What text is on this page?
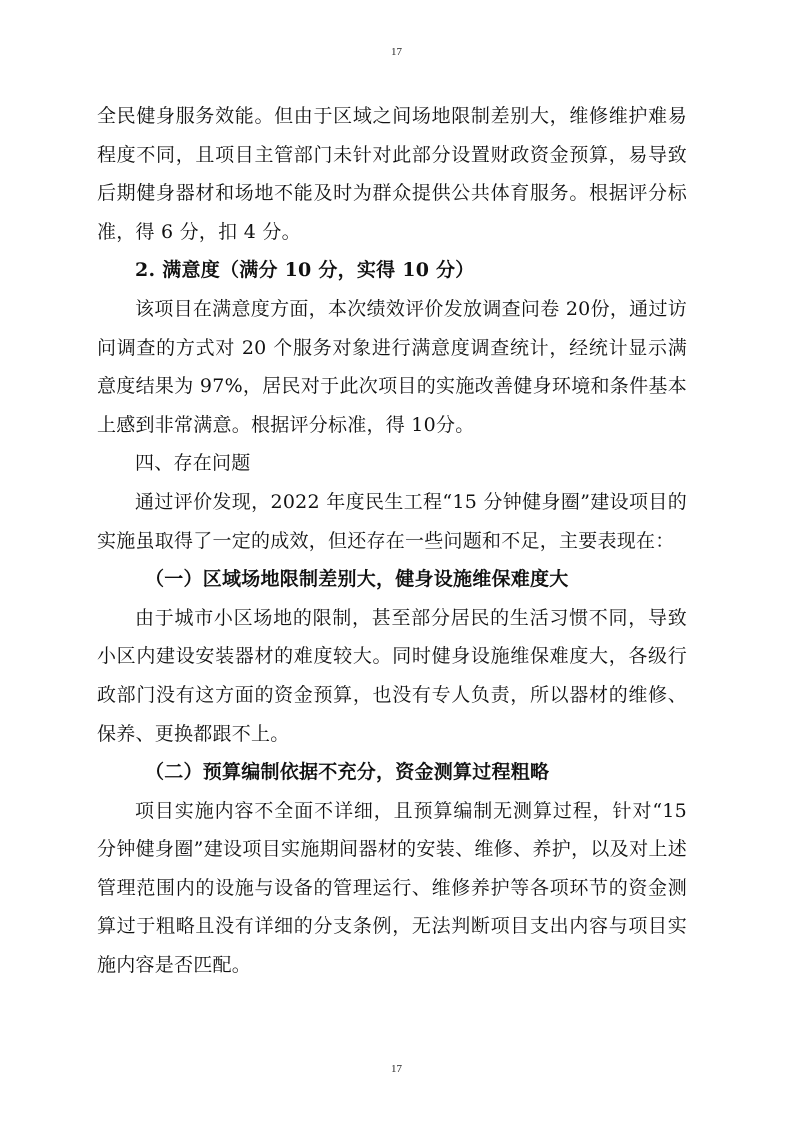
17

全民健身服务效能。但由于区域之间场地限制差别大，维修维护难易程度不同，且项目主管部门未针对此部分设置财政资金预算，易导致后期健身器材和场地不能及时为群众提供公共体育服务。根据评分标准，得 6 分，扣 4 分。

2. 满意度（满分 10 分，实得 10 分）

该项目在满意度方面，本次绩效评价发放调查问卷 20份，通过访问调查的方式对 20 个服务对象进行满意度调查统计，经统计显示满意度结果为 97%，居民对于此次项目的实施改善健身环境和条件基本上感到非常满意。根据评分标准，得 10分。

四、存在问题

通过评价发现，2022 年度民生工程“15 分钟健身圈”建设项目的实施虽取得了一定的成效，但还存在一些问题和不足，主要表现在：

（一）区域场地限制差别大，健身设施维保难度大

由于城市小区场地的限制，甚至部分居民的生活习惯不同，导致小区内建设安装器材的难度较大。同时健身设施维保难度大，各级行政部门没有这方面的资金预算，也没有专人负责，所以器材的维修、保养、更换都跟不上。

（二）预算编制依据不充分，资金测算过程粗略

项目实施内容不全面不详细，且预算编制无测算过程，针对“15 分钟健身圈”建设项目实施期间器材的安装、维修、养护，以及对上述管理范围内的设施与设备的管理运行、维修养护等各项环节的资金测算过于粗略且没有详细的分支条例，无法判断项目支出内容与项目实施内容是否匹配。

17
